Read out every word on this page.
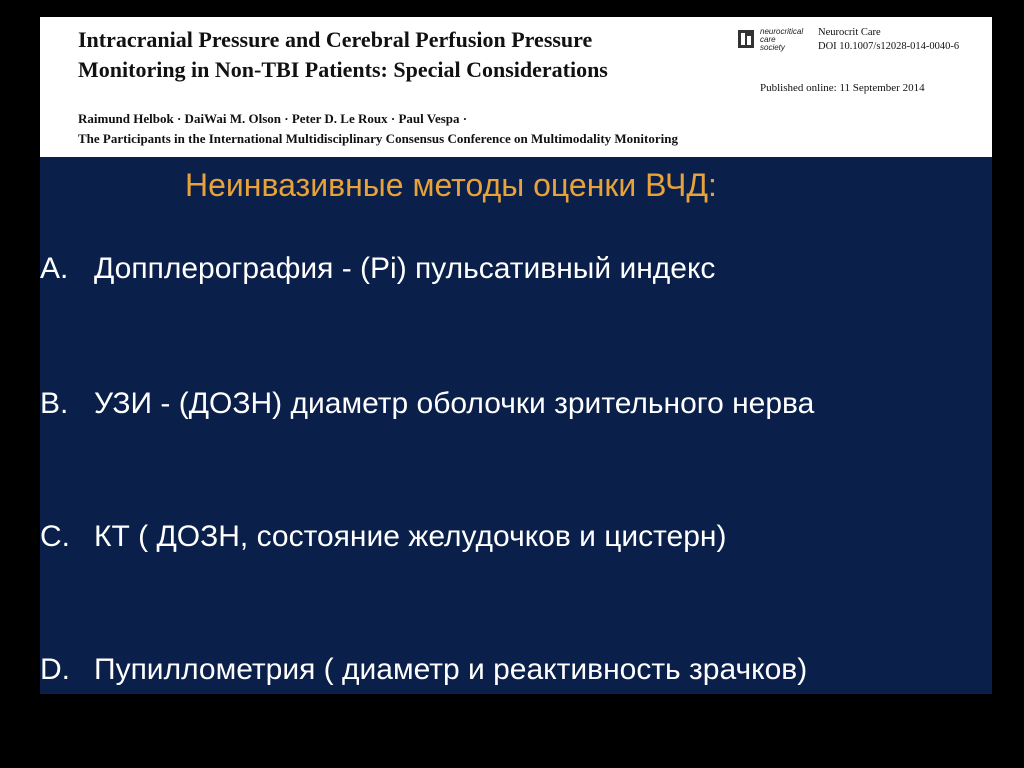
Intracranial Pressure and Cerebral Perfusion Pressure
Monitoring in Non-TBI Patients: Special Considerations
neurocritical
care
society
Neurocrit Care
DOI 10.1007/s12028-014-0040-6
Published online: 11 September 2014
Raimund Helbok · DaiWai M. Olson · Peter D. Le Roux · Paul Vespa ·
The Participants in the International Multidisciplinary Consensus Conference on Multimodality Monitoring
Неинвазивные методы оценки ВЧД:
A. Допплерография - (Pi) пульсативный индекс
B. УЗИ - (ДОЗН) диаметр оболочки зрительного нерва
C. КТ ( ДОЗН, состояние желудочков и цистерн)
D. Пупиллометрия ( диаметр и реактивность зрачков)
